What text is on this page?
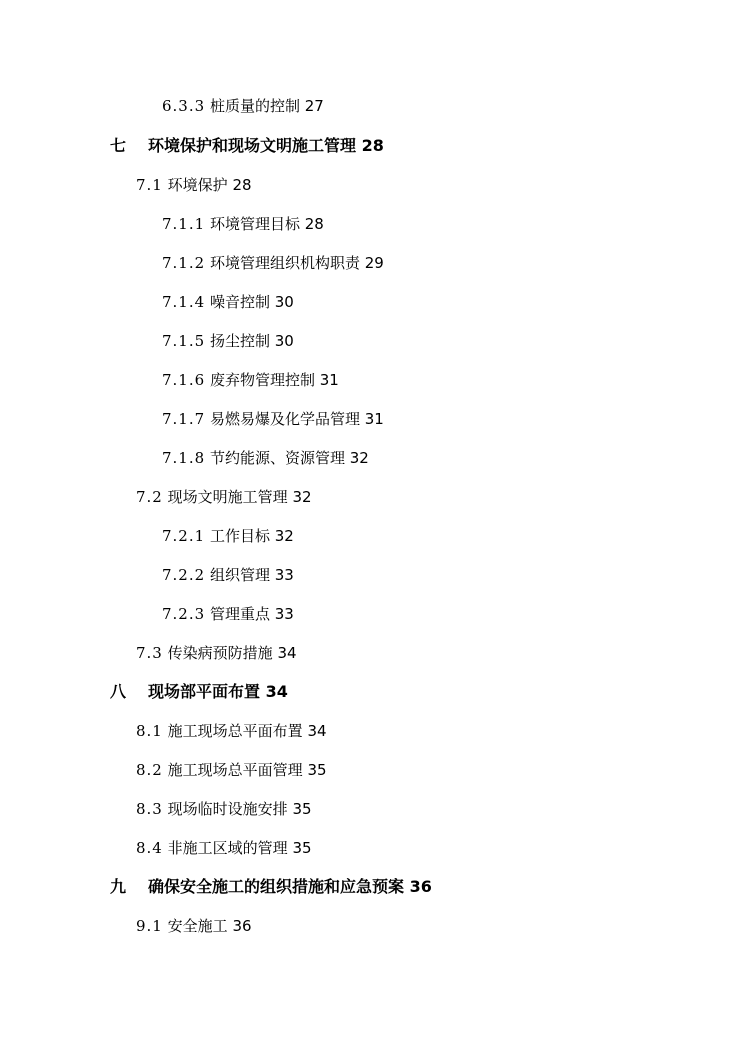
6.3.3 桩质量的控制 27
七 环境保护和现场文明施工管理 28
7.1 环境保护 28
7.1.1 环境管理目标 28
7.1.2 环境管理组织机构职责 29
7.1.4 噪音控制 30
7.1.5 扬尘控制 30
7.1.6 废弃物管理控制 31
7.1.7 易燃易爆及化学品管理 31
7.1.8 节约能源、资源管理 32
7.2 现场文明施工管理 32
7.2.1 工作目标 32
7.2.2 组织管理 33
7.2.3 管理重点 33
7.3 传染病预防措施 34
八 现场部平面布置 34
8.1 施工现场总平面布置 34
8.2 施工现场总平面管理 35
8.3 现场临时设施安排 35
8.4 非施工区域的管理 35
九 确保安全施工的组织措施和应急预案 36
9.1 安全施工 36
